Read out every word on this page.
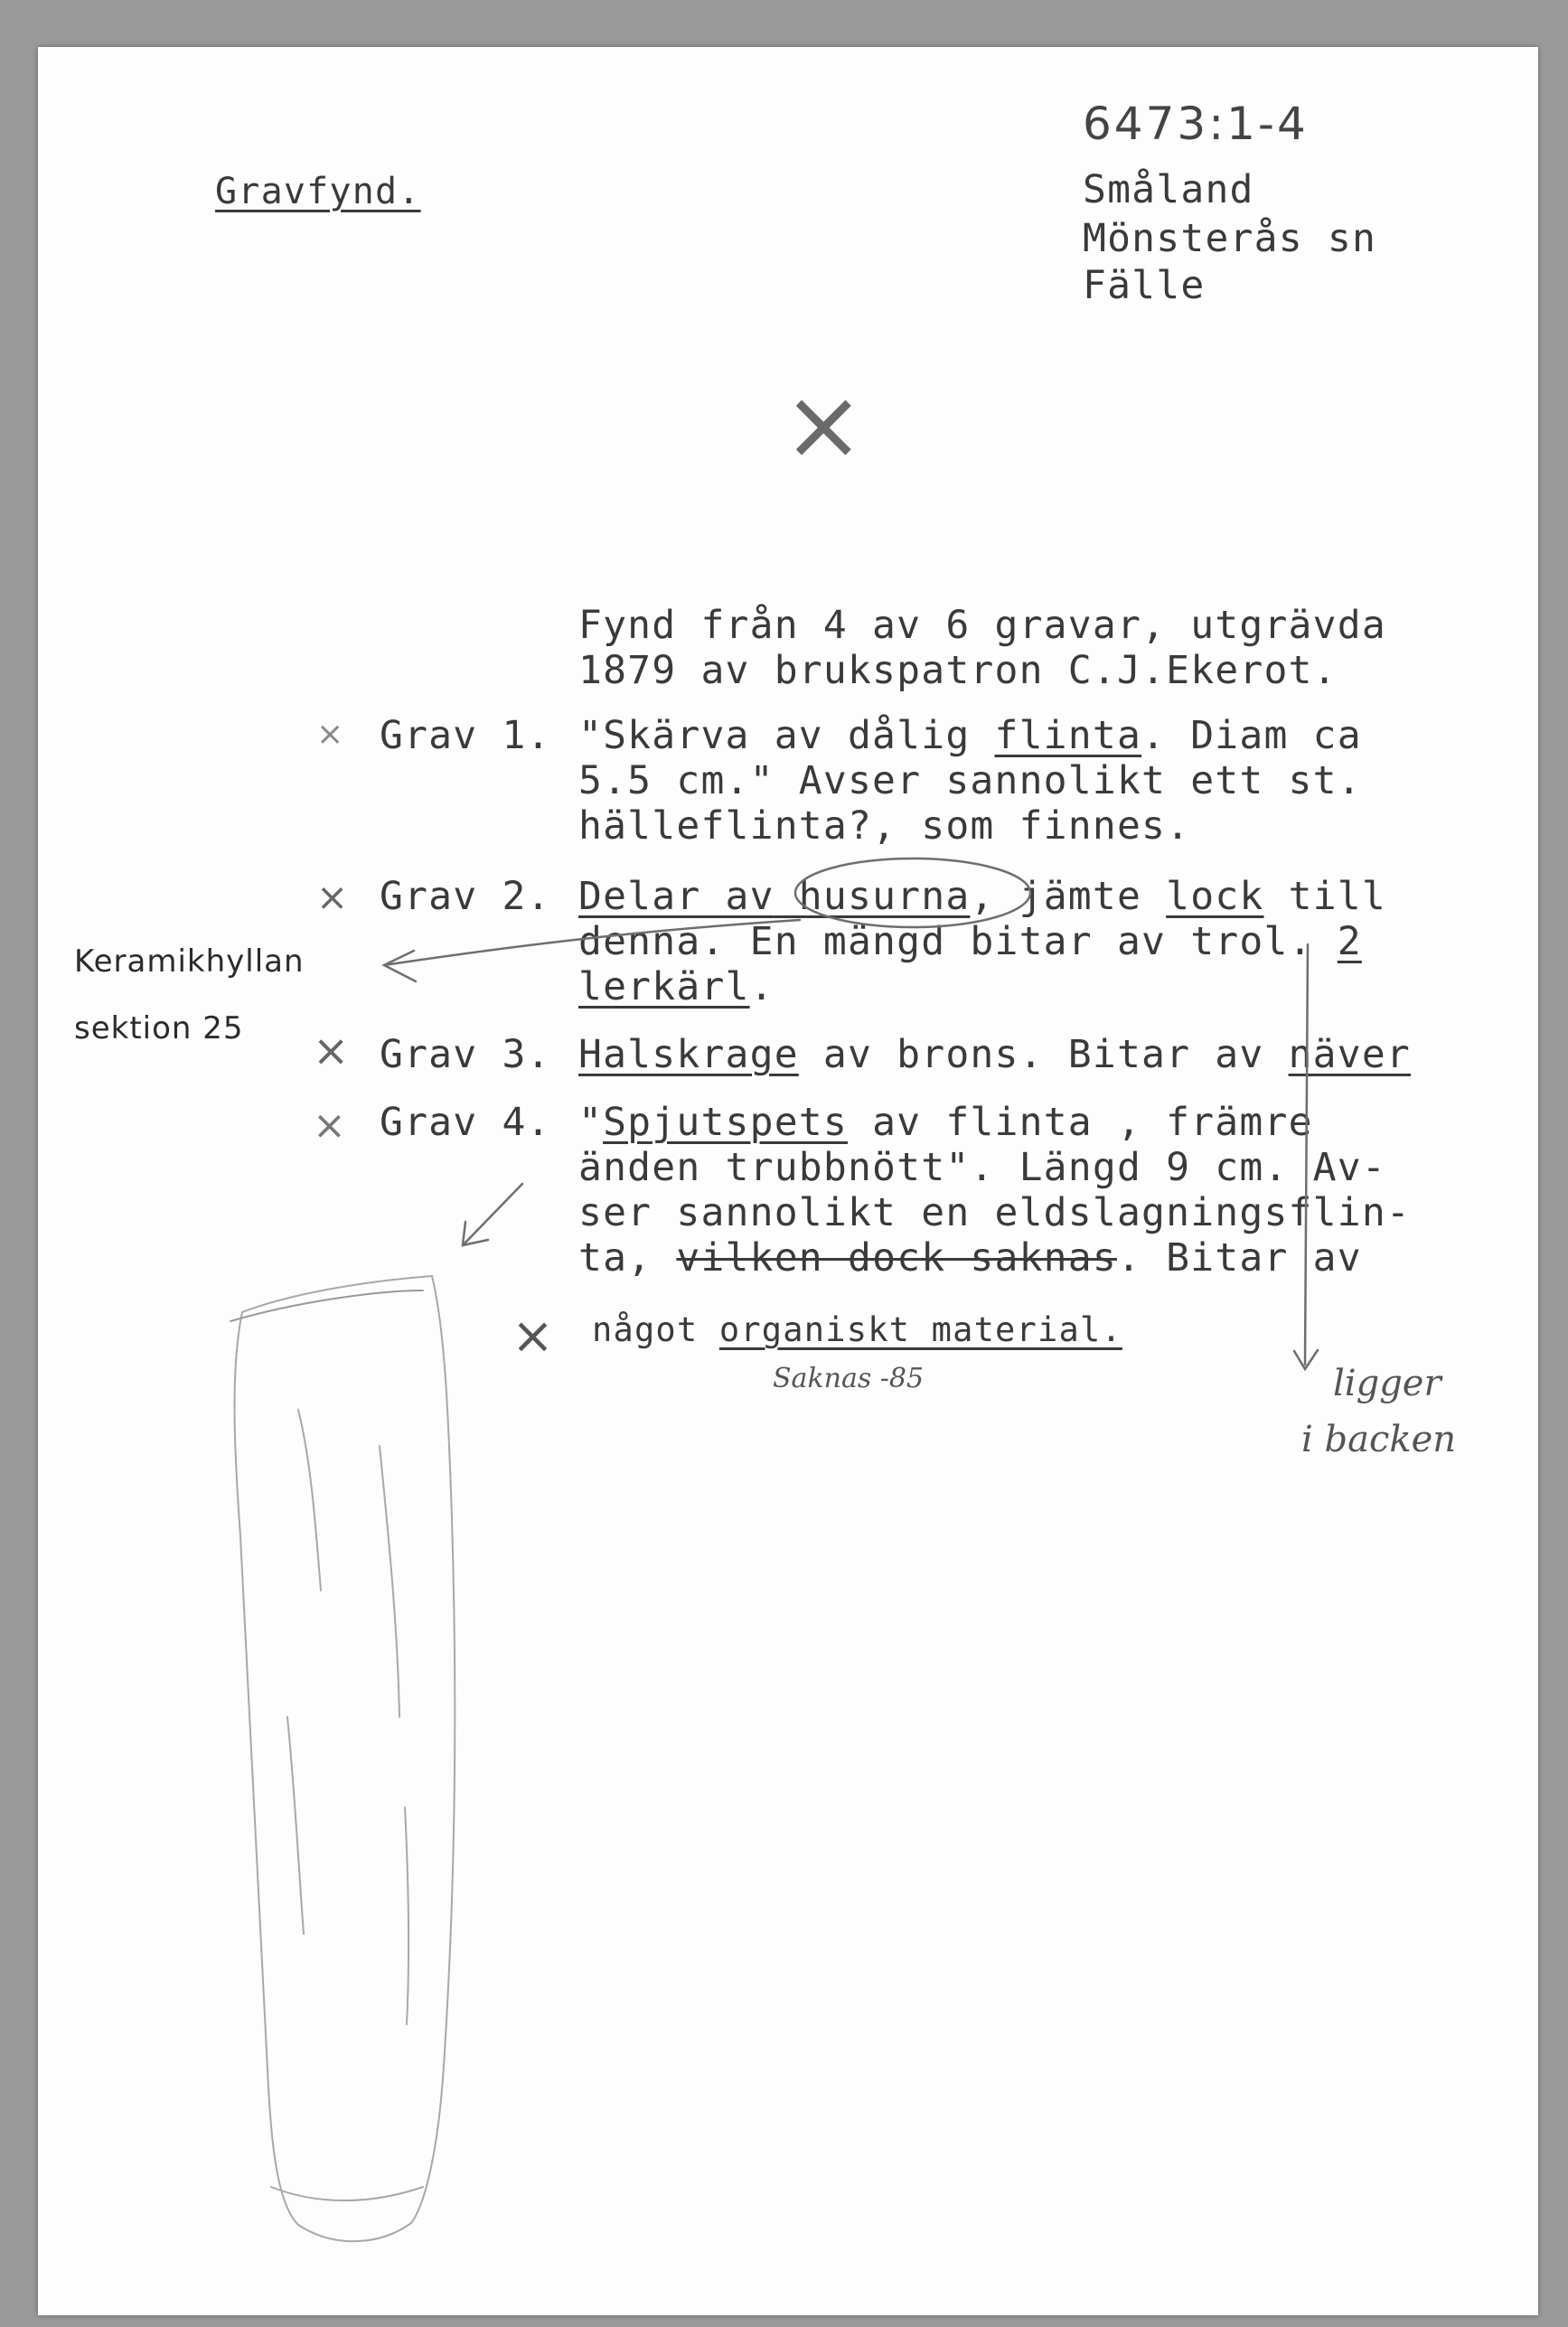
Gravfynd.

6473:1-4

Småland

Mönsterås sn

Fälle

Fynd från 4 av 6 gravar, utgrävda

1879 av brukspatron C.J.Ekerot.

Grav 1. "Skärva av dålig flinta. Diam ca

5.5 cm." Avser sannolikt ett st.

hälleflinta?, som finnes.

Grav 2. Delar av husurna, jämte lock till

denna. En mängd bitar av trol. 2

lerkärl.

Grav 3. Halskrage av brons. Bitar av näver

Grav 4. "Spjutspets av flinta , främre

änden trubbnött". Längd 9 cm. Av-

ser sannolikt en eldslagningsflin-

ta, vilken dock saknas. Bitar av

något organiskt material.

Keramikhyllan

sektion 25

Saknas -85	ligger

i backen

×

×

×

×

×

×
